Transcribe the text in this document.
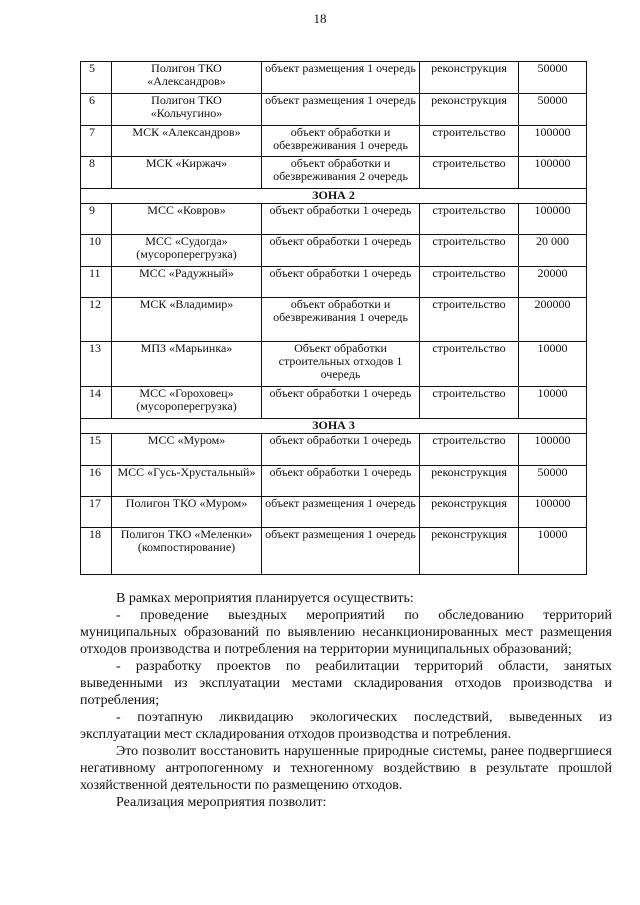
18
5	Полигон ТКО «Александров»	объект размещения 1 очередь	реконструкция	50000
6	Полигон ТКО «Кольчугино»	объект размещения 1 очередь	реконструкция	50000
7	МСК «Александров»	объект обработки и обезвреживания 1 очередь	строительство	100000
8	МСК «Киржач»	объект обработки и обезвреживания 2 очередь	строительство	100000
ЗОНА 2				
9	МСС «Ковров»	объект обработки 1 очередь	строительство	100000
10	МСС «Судогда» (мусороперегрузка)	объект обработки 1 очередь	строительство	20 000
11	МСС «Радужный»	объект обработки 1 очередь	строительство	20000
12	МСК «Владимир»	объект обработки и обезвреживания 1 очередь	строительство	200000
13	МПЗ «Марьинка»	Объект обработки строительных отходов 1 очередь	строительство	10000
14	МСС «Гороховец» (мусороперегрузка)	объект обработки 1 очередь	строительство	10000
ЗОНА 3				
15	МСС «Муром»	объект обработки 1 очередь	строительство	100000
16	МСС «Гусь-Хрустальный»	объект обработки 1 очередь	реконструкция	50000
17	Полигон ТКО «Муром»	объект размещения 1 очередь	реконструкция	100000
18	Полигон ТКО «Меленки» (компостирование)	объект размещения 1 очередь	реконструкция	10000

В рамках мероприятия планируется осуществить:

- проведение выездных мероприятий по обследованию территорий муниципальных образований по выявлению несанкционированных мест размещения отходов производства и потребления на территории муниципальных образований;

- разработку проектов по реабилитации территорий области, занятых выведенными из эксплуатации местами складирования отходов производства и потребления;

- поэтапную ликвидацию экологических последствий, выведенных из эксплуатации мест складирования отходов производства и потребления.

Это позволит восстановить нарушенные природные системы, ранее подвергшиеся негативному антропогенному и техногенному воздействию в результате прошлой хозяйственной деятельности по размещению отходов.

Реализация мероприятия позволит:
